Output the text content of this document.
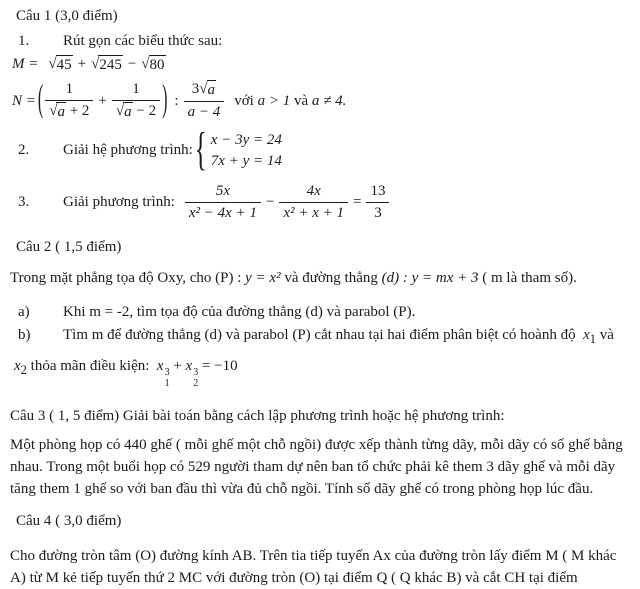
Câu 1 (3,0 điểm)
1.	Rút gọn các biểu thức sau:
M = √ 45 + √ 245 − √ 80
N = ( $\frac{1}{√ a + 2} + \frac{1}{√ a - 2}$ ) : $\frac{3 √ a}{a - 4}$ với
a > 1
và
a ≠ 4.
2.	Giải hệ phương trình: { x − 3y = 24
7x + y = 14
3.	Giải phương trình: $\frac{5x}{\text{x² − 4x + 1}} - \frac{4x}{\text{x² + x + 1}} = \frac{13}{3}$
Câu 2 ( 1,5 điểm)
Trong mặt phẳng tọa độ Oxy, cho (P) : y = x² và đường thẳng (d) : y = mx + 3 ( m là tham số).
a)	Khi m = -2, tìm tọa độ của đường thẳng (d) và parabol (P).
b)	Tìm m để đường thẳng (d) và parabol (P) cắt nhau tại hai điểm phân biệt có hoành độ $x_1$ và
$x_2$ thỏa mãn điều kiện: x 3
1
+ x 3
2
= −10
Câu 3 ( 1, 5 điểm) Giải bài toán bằng cách lập phương trình hoặc hệ phương trình:
Một phòng họp có 440 ghế ( mỗi ghế một chỗ ngồi) được xếp thành từng dãy, mỗi dãy có số ghế bằng nhau. Trong một buổi họp có 529 người tham dự nên ban tổ chức phải kê them 3 dãy ghế và mỗi dãy tăng them 1 ghế so với ban đầu thì vừa đủ chỗ ngồi. Tính số dãy ghế có trong phòng họp lúc đầu.
Câu 4 ( 3,0 điểm)
Cho đường tròn tâm (O) đường kính AB. Trên tia tiếp tuyến Ax của đường tròn lấy điểm M ( M khác A) từ M kẻ tiếp tuyến thứ 2 MC với đường tròn (O) tại điểm Q ( Q khác B) và cắt CH tại điểm
